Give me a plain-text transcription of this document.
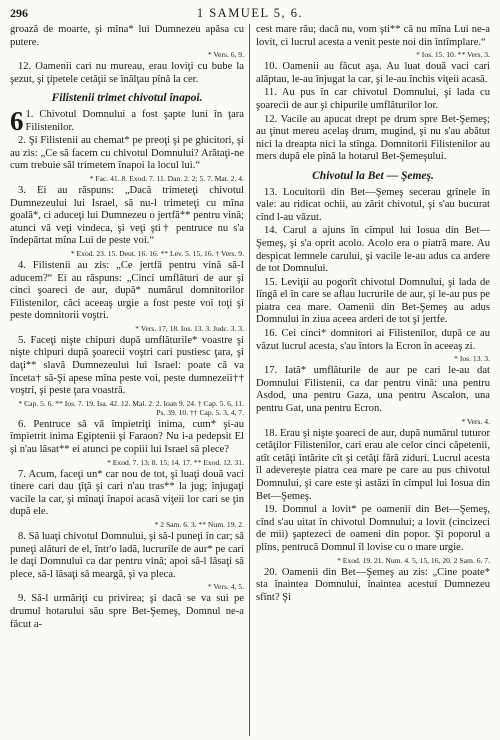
296	1 SAMUEL 5, 6.

groază de moarte, şi mîna* lui Dumnezeu apăsa cu putere.

* Vers. 6, 9.

12. Oamenii cari nu mureau, erau loviţi cu bube la şezut, şi ţipetele cetăţii se înălţau pînă la cer.

Filistenii trimet chivotul înapoi.

6 1. Chivotul Domnului a fost şapte luni în ţara Filistenilor.

2. Şi Filistenii au chemat* pe preoţi şi pe ghicitori, şi au zis: „Ce să facem cu chivotul Domnului? Arătaţi-ne cum trebuie săl trimetem înapoi la locul lui.“

* Fac. 41. 8. Exod. 7. 11. Dan. 2. 2; 5. 7. Mat. 2. 4.

3. Ei au răspuns: „Dacă trimeteţi chivotul Dumnezeului lui Israel, să nu-l trimeteţi cu mîna goală*, ci aduceţi lui Dumnezeu o jertfă** pentru vină; atunci vă veţi vindeca, şi veţi şti† pentruce nu s'a îndepărtat mîna Lui de peste voi.“

* Exod. 23. 15. Deut. 16. 16. ** Lev. 5. 15, 16. † Vers. 9.

4. Filistenii au zis: „Ce jertfă pentru vină să-I aducem?“ Ei au răspuns: „Cinci umflături de aur şi cinci şoareci de aur, după* numărul domnitorilor Filistenilor, căci aceeaş urgie a fost peste voi toţi şi peste domnitorii voştri.

* Vers. 17, 18. Ios. 13. 3. Judc. 3. 3.

5. Faceţi nişte chipuri după umflăturile* voastre şi nişte chipuri după şoarecii voştri cari pustiesc ţara, şi daţi** slavă Dumnezeului lui Israel: poate că va înceta† să-Şi apese mîna peste voi, peste dumnezeii†† voştri, şi peste ţara voastră.

* Cap. 5. 6. ** Ios. 7. 19. Isa. 42. 12. Mal. 2. 2. Ioan 9. 24. † Cap. 5. 6, 11. Ps. 39. 10. †† Cap. 5. 3, 4, 7.

6. Pentruce să vă împietriţi inima, cum* şi-au împietrit inima Egiptenii şi Faraon? Nu i-a pedepsit El şi n'au lăsat** ei atunci pe copiii lui Israel să plece?

* Exod. 7. 13; 8. 15; 14. 17. ** Exod. 12. 31.

7. Acum, faceţi un* car nou de tot, şi luaţi două vaci tinere cari dau ţîţă şi cari n'au tras** la jug; înjugaţi vacile la car, şi mînaţi înapoi acasă viţeii lor cari se ţin după ele.

* 2 Sam. 6. 3. ** Num. 19. 2.

8. Să luaţi chivotul Domnului, şi să-l puneţi în car; să puneţi alături de el, într'o ladă, lucrurile de aur* pe cari le daţi Domnului ca dar pentru vină; apoi să-l lăsaţi să plece, să-l lăsaţi să meargă, şi va pleca.

* Vers. 4, 5.

9. Să-l urmăriţi cu privirea; şi dacă se va sui pe drumul hotarului său spre Bet-Şemeş, Domnul ne-a făcut a-

cest mare rău; dacă nu, vom şti** că nu mîna Lui ne-a lovit, ci lucrul acesta a venit peste noi din întîmplare.“

* Ios. 15. 10. ** Vers. 3.

10. Oamenii au făcut aşa. Au luat două vaci cari alăptau, le-au înjugat la car, şi le-au închis viţeii acasă.

11. Au pus în car chivotul Domnului, şi lada cu şoarecii de aur şi chipurile umflăturilor lor.

12. Vacile au apucat drept pe drum spre Bet-Şemeş; au ţinut mereu acelaş drum, mugind, şi nu s'au abătut nici la dreapta nici la stînga. Domnitorii Filistenilor au mers după ele pînă la hotarul Bet-Şemeşului.

Chivotul la Bet — Şemeş.

13. Locuitorii din Bet—Şemeş secerau grînele în vale: au ridicat ochii, au zărit chivotul, şi s'au bucurat cînd l-au văzut.

14. Carul a ajuns în cîmpul lui Iosua din Bet—Şemeş, şi s'a oprit acolo. Acolo era o piatră mare. Au despicat lemnele carului, şi vacile le-au adus ca ardere de tot Domnului.

15. Leviţii au pogorît chivotul Domnului, şi lada de lîngă el în care se aflau lucrurile de aur, şi le-au pus pe piatra cea mare. Oamenii din Bet-Şemeş au adus Domnului în ziua aceea arderi de tot şi jertfe.

16. Cei cinci* domnitori ai Filistenilor, după ce au văzut lucrul acesta, s'au întors la Ecron în aceeaş zi.

* Ios. 13. 3.

17. Iată* umflăturile de aur pe cari le-au dat Domnului Filistenii, ca dar pentru vină: una pentru Asdod, una pentru Gaza, una pentru Ascalon, una pentru Gat, una pentru Ecron.

* Vers. 4.

18. Erau şi nişte şoareci de aur, după numărul tuturor cetăţilor Filistenilor, cari erau ale celor cinci căpetenii, atît cetăţi întărite cît şi cetăţi fără ziduri. Lucrul acesta îl adevereşte piatra cea mare pe care au pus chivotul Domnului, şi care este şi astăzi în cîmpul lui Iosua din Bet—Şemeş.

19. Domnul a lovit* pe oamenii din Bet—Şemeş, cînd s'au uitat în chivotul Domnului; a lovit (cincizeci de mii) şaptezeci de oameni din popor. Şi poporul a plîns, pentrucă Domnul îl lovise cu o mare urgie.

* Exod. 19. 21. Num. 4. 5, 15, 16, 20. 2 Sam. 6. 7.

20. Oamenii din Bet—Şemeş au zis: „Cine poate* sta înaintea Domnului, înaintea acestui Dumnezeu sfînt? Şi
